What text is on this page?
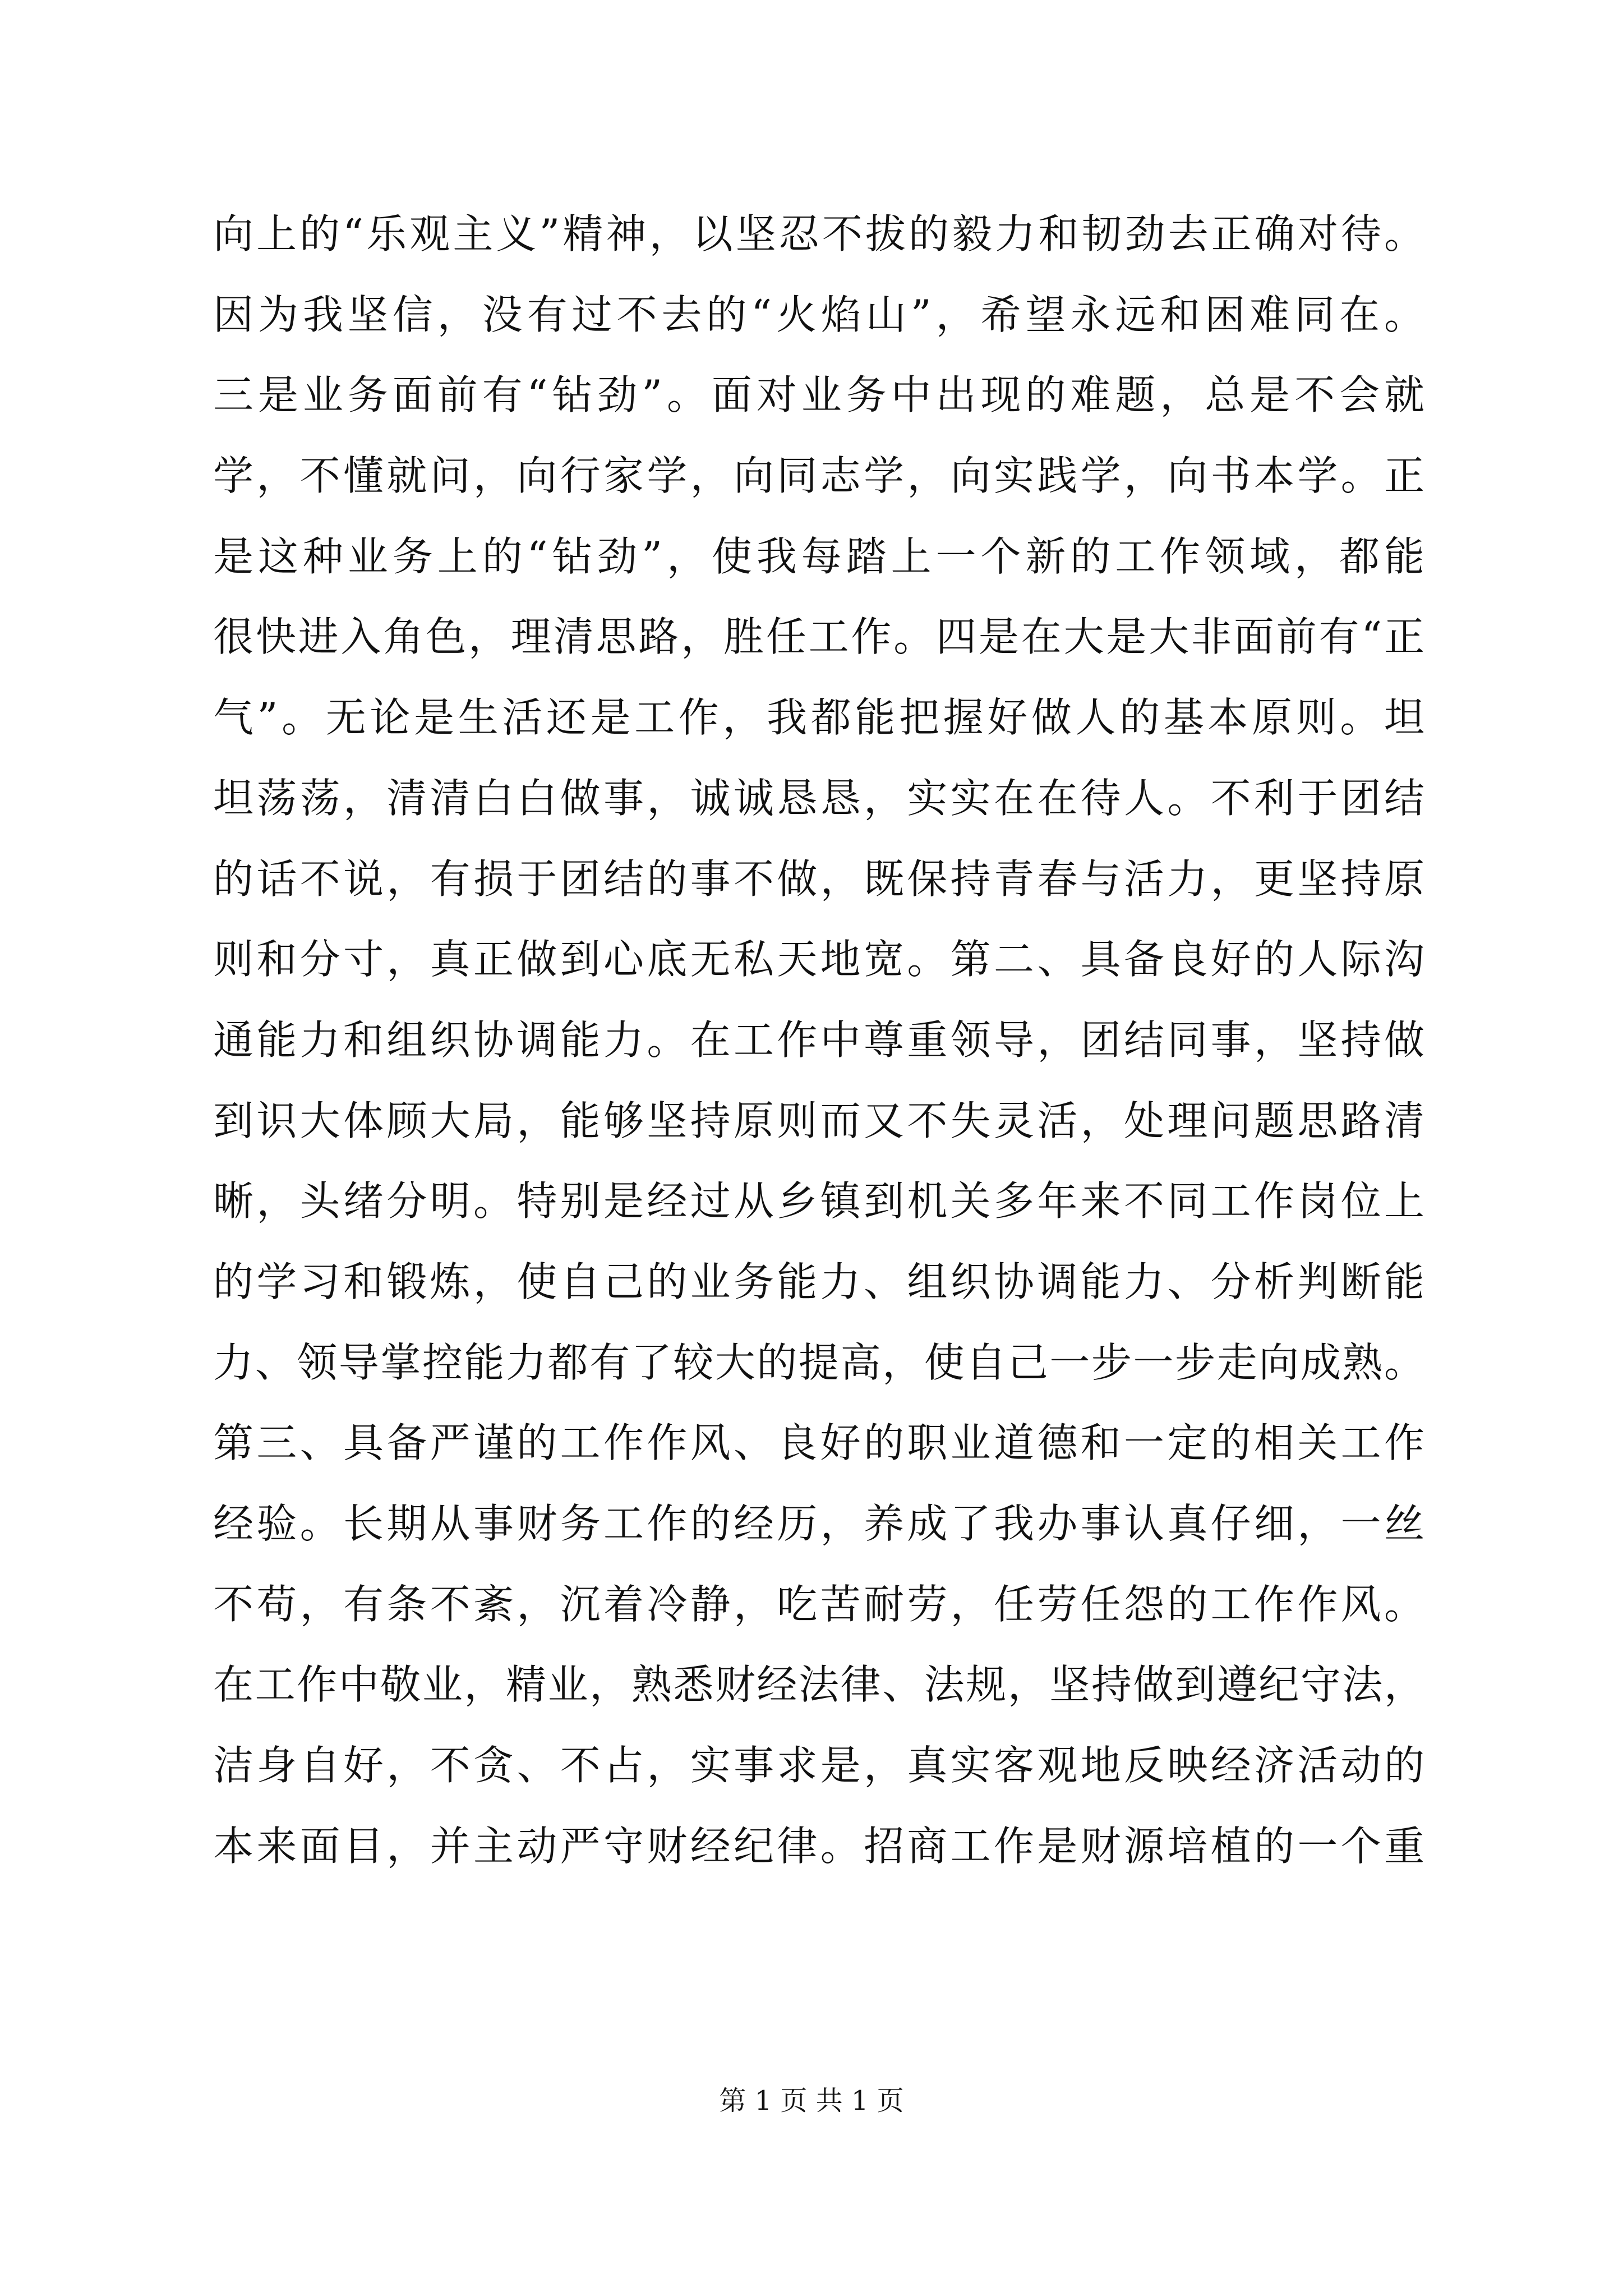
向上的“乐观主义”精神，以坚忍不拔的毅力和韧劲去正确对待。
因为我坚信，没有过不去的“火焰山”，希望永远和困难同在。
三是业务面前有“钻劲”。面对业务中出现的难题，总是不会就
学，不懂就问，向行家学，向同志学，向实践学，向书本学。正
是这种业务上的“钻劲”，使我每踏上一个新的工作领域，都能
很快进入角色，理清思路，胜任工作。四是在大是大非面前有“正
气”。无论是生活还是工作，我都能把握好做人的基本原则。坦
坦荡荡，清清白白做事，诚诚恳恳，实实在在待人。不利于团结
的话不说，有损于团结的事不做，既保持青春与活力，更坚持原
则和分寸，真正做到心底无私天地宽。第二、具备良好的人际沟
通能力和组织协调能力。在工作中尊重领导，团结同事，坚持做
到识大体顾大局，能够坚持原则而又不失灵活，处理问题思路清
晰，头绪分明。特别是经过从乡镇到机关多年来不同工作岗位上
的学习和锻炼，使自己的业务能力、组织协调能力、分析判断能
力、领导掌控能力都有了较大的提高，使自己一步一步走向成熟。
第三、具备严谨的工作作风、良好的职业道德和一定的相关工作
经验。长期从事财务工作的经历，养成了我办事认真仔细，一丝
不苟，有条不紊，沉着冷静，吃苦耐劳，任劳任怨的工作作风。
在工作中敬业，精业，熟悉财经法律、法规，坚持做到遵纪守法，
洁身自好，不贪、不占，实事求是，真实客观地反映经济活动的
本来面目，并主动严守财经纪律。招商工作是财源培植的一个重
第 1 页 共 1 页
